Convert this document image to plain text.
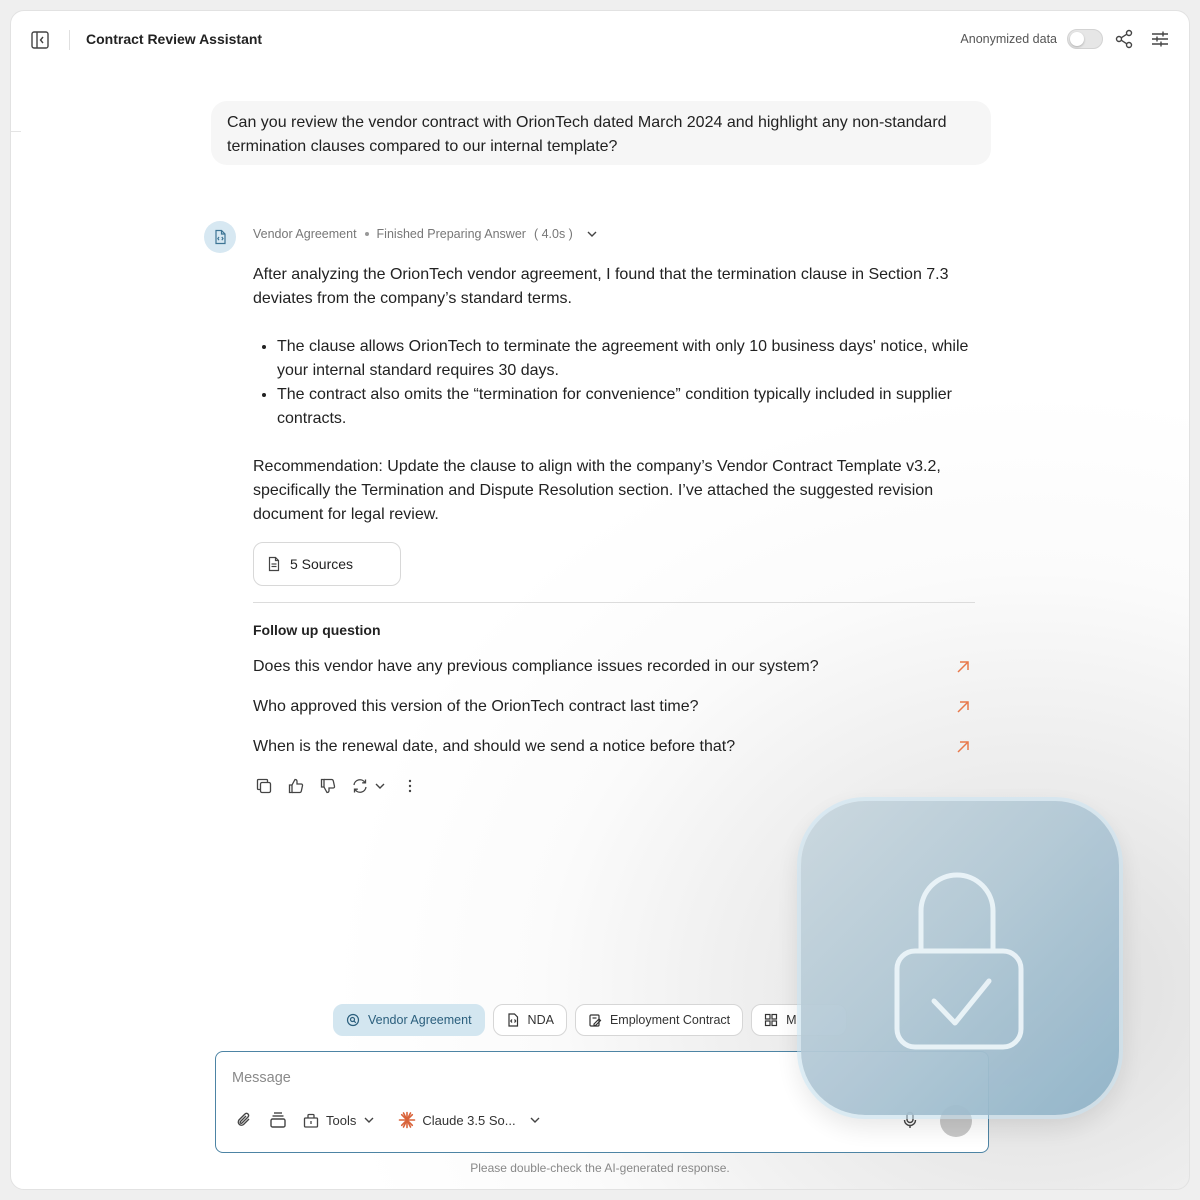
Contract Review Assistant	Anonymized data
Can you review the vendor contract with OrionTech dated March 2024 and highlight any non-standard termination clauses compared to our internal template?
Vendor Agreement Finished Preparing Answer ( 4.0s )

After analyzing the OrionTech vendor agreement, I found that the termination clause in Section 7.3 deviates from the company’s standard terms.

• The clause allows OrionTech to terminate the agreement with only 10 business days' notice, while your internal standard requires 30 days.
• The contract also omits the “termination for convenience” condition typically included in supplier contracts.

Recommendation: Update the clause to align with the company’s Vendor Contract Template v3.2, specifically the Termination and Dispute Resolution section. I’ve attached the suggested revision document for legal review.

5 Sources
Follow up question
Does this vendor have any previous compliance issues recorded in our system?
Who approved this version of the OrionTech contract last time?
When is the renewal date, and should we send a notice before that?
Vendor Agreement	NDA	Employment Contract	M
Message
Tools	Claude 3.5 So...
Please double-check the AI-generated response.
